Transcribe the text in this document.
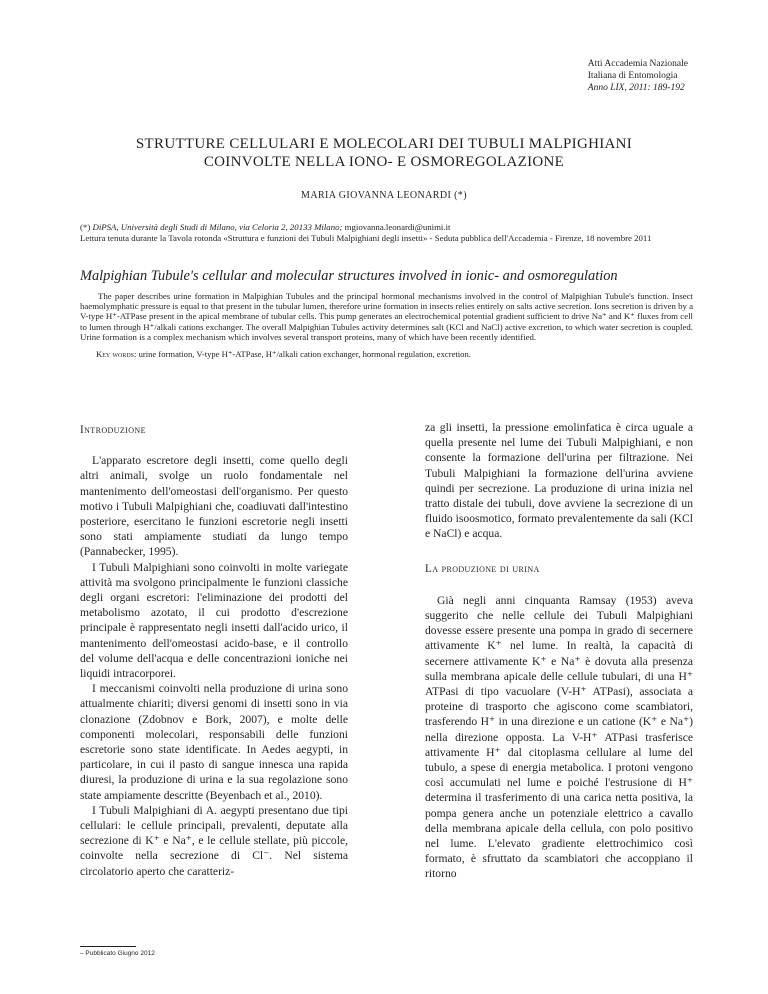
Atti Accademia Nazionale
Italiana di Entomologia
Anno LIX, 2011: 189-192
STRUTTURE CELLULARI E MOLECOLARI DEI TUBULI MALPIGHIANI
COINVOLTE NELLA IONO- E OSMOREGOLAZIONE
MARIA GIOVANNA LEONARDI (*)
(*) DiPSA, Università degli Studi di Milano, via Celoria 2, 20133 Milano; mgiovanna.leonardi@unimi.it
Lettura tenuta durante la Tavola rotonda «Struttura e funzioni dei Tubuli Malpighiani degli insetti» - Seduta pubblica dell'Accademia - Firenze, 18 novembre 2011
Malpighian Tubule's cellular and molecular structures involved in ionic- and osmoregulation
The paper describes urine formation in Malpighian Tubules and the principal hormonal mechanisms involved in the control of Malpighian Tubule's function. Insect haemolymphatic pressure is equal to that present in the tubular lumen, therefore urine formation in insects relies entirely on salts active secretion. Ions secretion is driven by a V-type H⁺-ATPase present in the apical membrane of tubular cells. This pump generates an electrochemical potential gradient sufficient to drive Na⁺ and K⁺ fluxes from cell to lumen through H⁺/alkali cations exchanger. The overall Malpighian Tubules activity determines salt (KCl and NaCl) active excretion, to which water secretion is coupled. Urine formation is a complex mechanism which involves several transport proteins, many of which have been recently identified.
Key words: urine formation, V-type H⁺-ATPase, H⁺/alkali cation exchanger, hormonal regulation, excretion.
Introduzione

L'apparato escretore degli insetti, come quello degli altri animali, svolge un ruolo fondamentale nel mantenimento dell'omeostasi dell'organismo. Per questo motivo i Tubuli Malpighiani che, coadiuvati dall'intestino posteriore, esercitano le funzioni escretorie negli insetti sono stati ampiamente studiati da lungo tempo (Pannabecker, 1995).

I Tubuli Malpighiani sono coinvolti in molte variegate attività ma svolgono principalmente le funzioni classiche degli organi escretori: l'eliminazione dei prodotti del metabolismo azotato, il cui prodotto d'escrezione principale è rappresentato negli insetti dall'acido urico, il mantenimento dell'omeostasi acido-base, e il controllo del volume dell'acqua e delle concentrazioni ioniche nei liquidi intracorporei.

I meccanismi coinvolti nella produzione di urina sono attualmente chiariti; diversi genomi di insetti sono in via clonazione (Zdobnov e Bork, 2007), e molte delle componenti molecolari, responsabili delle funzioni escretorie sono state identificate. In Aedes aegypti, in particolare, in cui il pasto di sangue innesca una rapida diuresi, la produzione di urina e la sua regolazione sono state ampiamente descritte (Beyenbach et al., 2010).

I Tubuli Malpighiani di A. aegypti presentano due tipi cellulari: le cellule principali, prevalenti, deputate alla secrezione di K⁺ e Na⁺, e le cellule stellate, più piccole, coinvolte nella secrezione di Cl⁻. Nel sistema circolatorio aperto che caratteriz-

za gli insetti, la pressione emolinfatica è circa uguale a quella presente nel lume dei Tubuli Malpighiani, e non consente la formazione dell'urina per filtrazione. Nei Tubuli Malpighiani la formazione dell'urina avviene quindi per secrezione. La produzione di urina inizia nel tratto distale dei tubuli, dove avviene la secrezione di un fluido isoosmotico, formato prevalentemente da sali (KCl e NaCl) e acqua.

La produzione di urina

Già negli anni cinquanta Ramsay (1953) aveva suggerito che nelle cellule dei Tubuli Malpighiani dovesse essere presente una pompa in grado di secernere attivamente K⁺ nel lume. In realtà, la capacità di secernere attivamente K⁺ e Na⁺ è dovuta alla presenza sulla membrana apicale delle cellule tubulari, di una H⁺ ATPasi di tipo vacuolare (V-H⁺ ATPasi), associata a proteine di trasporto che agiscono come scambiatori, trasferendo H⁺ in una direzione e un catione (K⁺ e Na⁺) nella direzione opposta. La V-H⁺ ATPasi trasferisce attivamente H⁺ dal citoplasma cellulare al lume del tubulo, a spese di energia metabolica. I protoni vengono così accumulati nel lume e poiché l'estrusione di H⁺ determina il trasferimento di una carica netta positiva, la pompa genera anche un potenziale elettrico a cavallo della membrana apicale della cellula, con polo positivo nel lume. L'elevato gradiente elettrochimico così formato, è sfruttato da scambiatori che accoppiano il ritorno

– Pubblicato Giugno 2012
